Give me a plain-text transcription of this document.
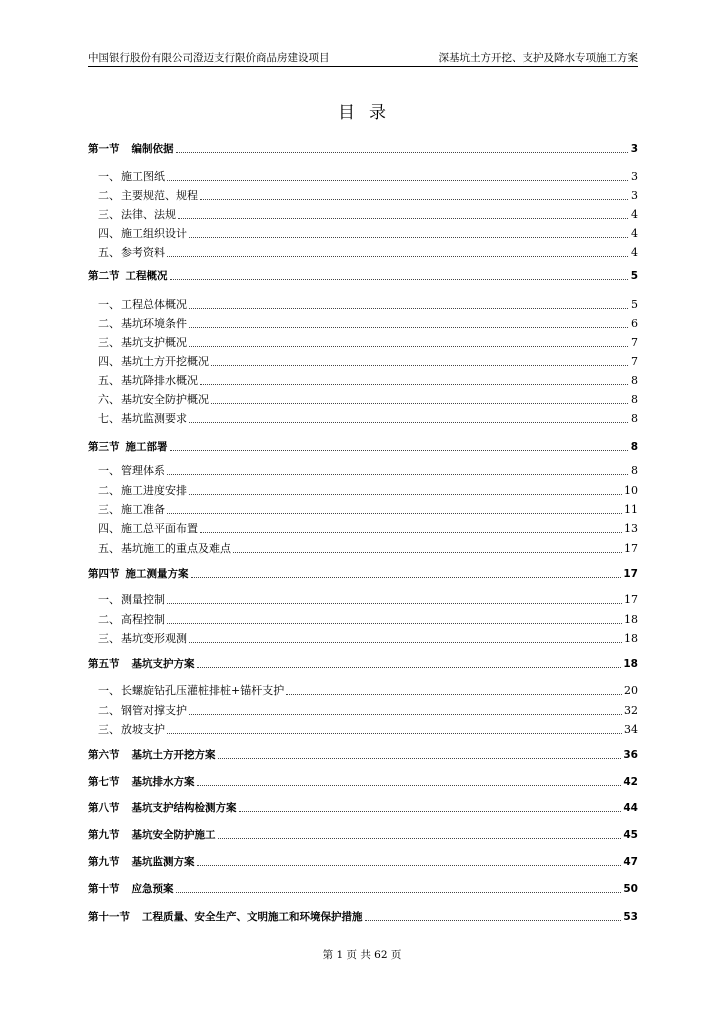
中国银行股份有限公司澄迈支行限价商品房建设项目	深基坑土方开挖、支护及降水专项施工方案
目录
第一节 编制依据	3
一、 施工图纸	3
二、 主要规范、规程	3
三、 法律、法规	4
四、 施工组织设计	4
五、 参考资料	4
第二节 工程概况	5
一、 工程总体概况	5
二、 基坑环境条件	6
三、 基坑支护概况	7
四、 基坑土方开挖概况	7
五、 基坑降排水概况	8
六、 基坑安全防护概况	8
七、 基坑监测要求	8
第三节 施工部署	8
一、 管理体系	8
二、 施工进度安排	10
三、 施工准备	11
四、 施工总平面布置	13
五、 基坑施工的重点及难点	17
第四节 施工测量方案	17
一、 测量控制	17
二、 高程控制	18
三、 基坑变形观测	18
第五节 基坑支护方案	18
一、 长螺旋钻孔压灌桩排桩+锚杆支护	20
二、 钢管对撑支护	32
三、 放坡支护	34
第六节 基坑土方开挖方案	36
第七节 基坑排水方案	42
第八节 基坑支护结构检测方案	44
第九节 基坑安全防护施工	45
第九节 基坑监测方案	47
第十节 应急预案	50
第十一节 工程质量、安全生产、文明施工和环境保护措施	53
第 1 页 共 62 页
